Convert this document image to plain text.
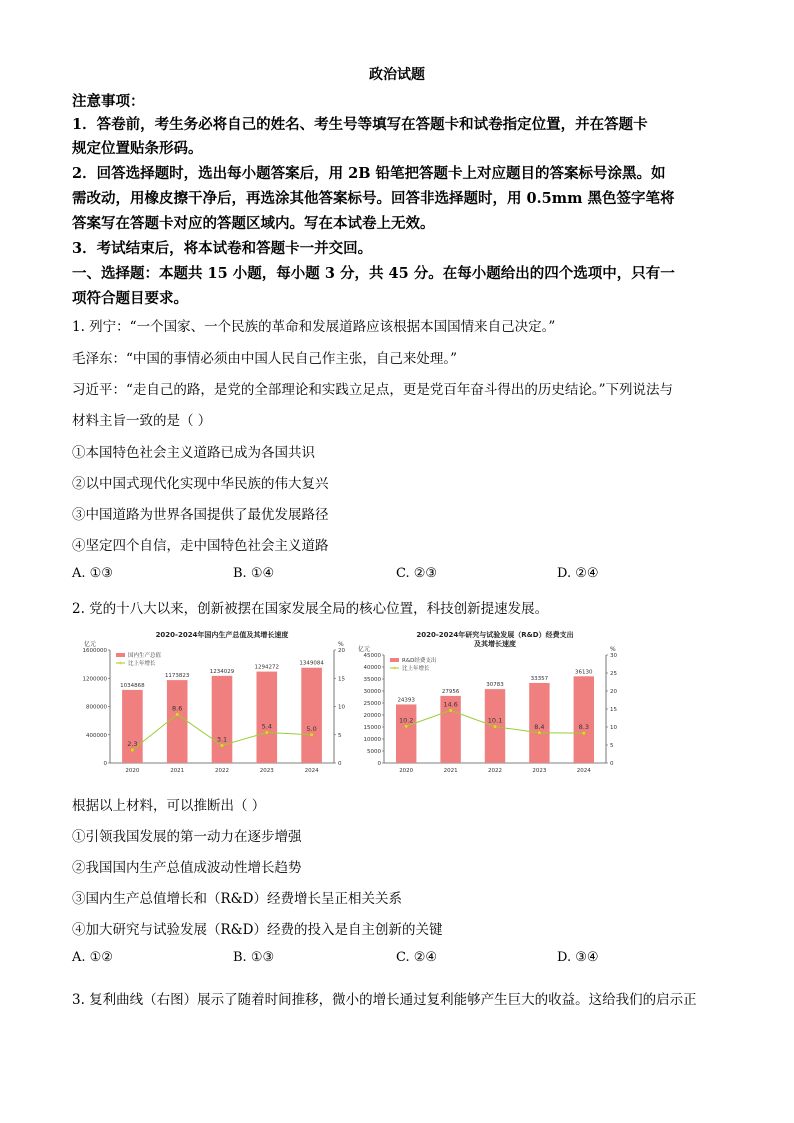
政治试题
注意事项：
1．答卷前，考生务必将自己的姓名、考生号等填写在答题卡和试卷指定位置，并在答题卡
规定位置贴条形码。
2．回答选择题时，选出每小题答案后，用 2B 铅笔把答题卡上对应题目的答案标号涂黑。如
需改动，用橡皮擦干净后，再选涂其他答案标号。回答非选择题时，用 0.5mm 黑色签字笔将
答案写在答题卡对应的答题区域内。写在本试卷上无效。
3．考试结束后，将本试卷和答题卡一并交回。
一、选择题：本题共 15 小题，每小题 3 分，共 45 分。在每小题给出的四个选项中，只有一
项符合题目要求。
1. 列宁：“一个国家、一个民族的革命和发展道路应该根据本国国情来自己决定。”
毛泽东：“中国的事情必须由中国人民自己作主张，自己来处理。”
习近平：“走自己的路，是党的全部理论和实践立足点，更是党百年奋斗得出的历史结论。”下列说法与
材料主旨一致的是（ ）
①本国特色社会主义道路已成为各国共识
②以中国式现代化实现中华民族的伟大复兴
③中国道路为世界各国提供了最优发展路径
④坚定四个自信，走中国特色社会主义道路
A. ①③	B. ①④	C. ②③	D. ②④
2. 党的十八大以来，创新被摆在国家发展全局的核心位置，科技创新提速发展。
2020-2024年国内生产总值及其增长速度
亿元	%
0
400000
800000
1200000
1600000
0
5
10
15
20
1034868
2020
1173823
2021
1234029
2022
1294272
2023
1349084
2024
2.3
8.6
3.1
5.4	5.0
国内生产总值
比上年增长
2020-2024年研究与试验发展（R&D）经费支出
及其增长速度
亿元	%
0
5000
10000
15000
20000
25000
30000
35000
40000
45000
0
5
10
15
20
25
30
24393
2020
27956
2021
30783
2022
33357
2023
36130
2024
10.2
14.6
10.1
8.4	8.3
R&D经费支出
比上年增长
根据以上材料，可以推断出（ ）
①引领我国发展的第一动力在逐步增强
②我国国内生产总值成波动性增长趋势
③国内生产总值增长和（R&D）经费增长呈正相关关系
④加大研究与试验发展（R&D）经费的投入是自主创新的关键
A. ①②	B. ①③	C. ②④	D. ③④
3. 复利曲线（右图）展示了随着时间推移，微小的增长通过复利能够产生巨大的收益。这给我们的启示正
